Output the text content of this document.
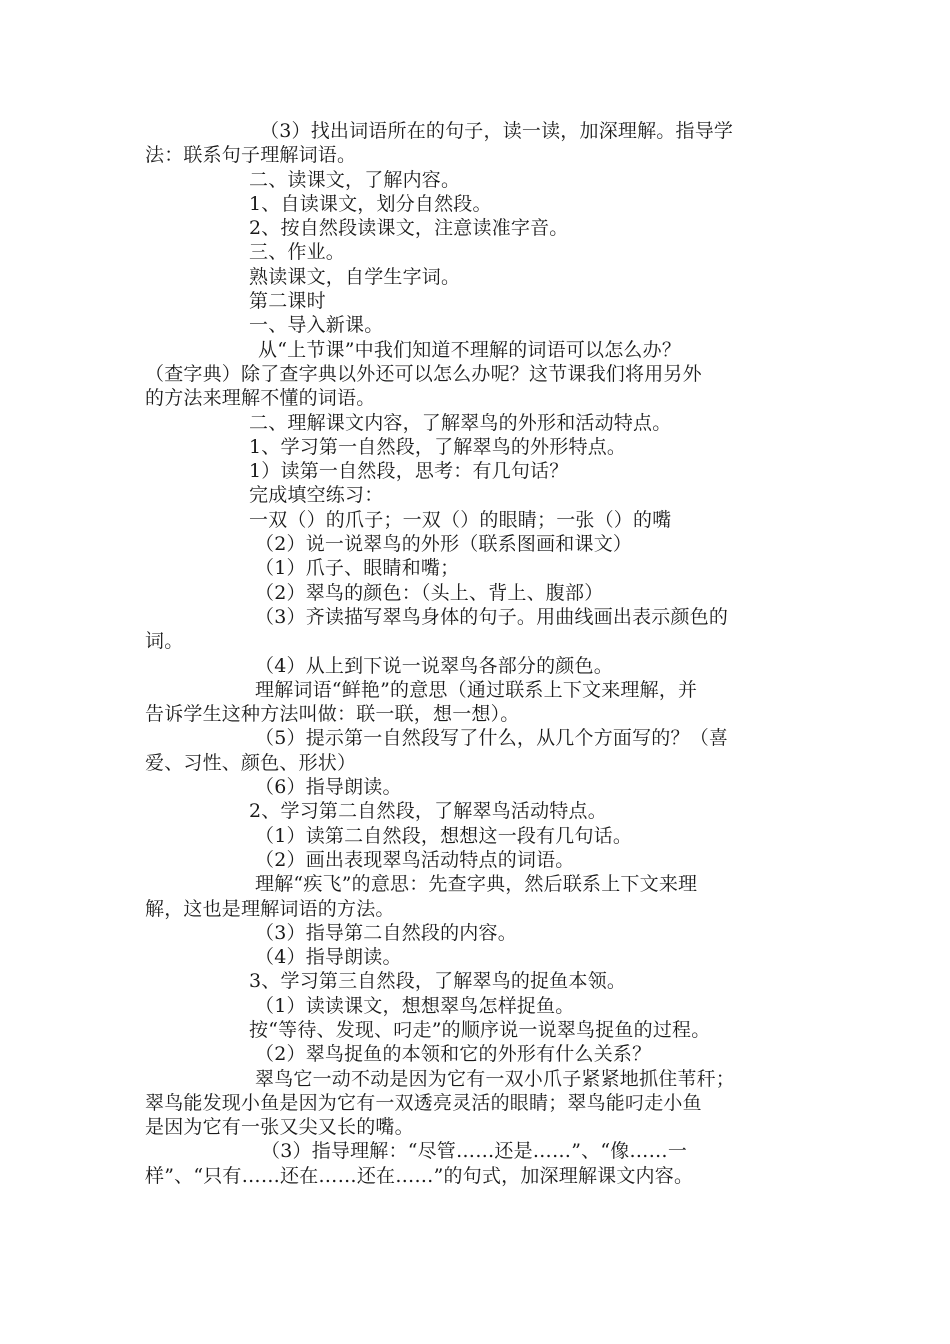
（3）找出词语所在的句子，读一读，加深理解。指导学
法：联系句子理解词语。
二、读课文，了解内容。
1、自读课文，划分自然段。
2、按自然段读课文，注意读准字音。
三、作业。
熟读课文，自学生字词。
第二课时
一、导入新课。
从“上节课”中我们知道不理解的词语可以怎么办？
（查字典）除了查字典以外还可以怎么办呢？这节课我们将用另外
的方法来理解不懂的词语。
二、理解课文内容，了解翠鸟的外形和活动特点。
1、学习第一自然段，了解翠鸟的外形特点。
1）读第一自然段，思考：有几句话？
完成填空练习：
一双（）的爪子；一双（）的眼睛；一张（）的嘴
（2）说一说翠鸟的外形（联系图画和课文）
（1）爪子、眼睛和嘴；
（2）翠鸟的颜色：（头上、背上、腹部）
（3）齐读描写翠鸟身体的句子。用曲线画出表示颜色的
词。
（4）从上到下说一说翠鸟各部分的颜色。
理解词语“鲜艳”的意思（通过联系上下文来理解，并
告诉学生这种方法叫做：联一联，想一想）。
（5）提示第一自然段写了什么，从几个方面写的？（喜
爱、习性、颜色、形状）
（6）指导朗读。
2、学习第二自然段，了解翠鸟活动特点。
（1）读第二自然段，想想这一段有几句话。
（2）画出表现翠鸟活动特点的词语。
理解“疾飞”的意思：先查字典，然后联系上下文来理
解，这也是理解词语的方法。
（3）指导第二自然段的内容。
（4）指导朗读。
3、学习第三自然段，了解翠鸟的捉鱼本领。
（1）读读课文，想想翠鸟怎样捉鱼。
按“等待、发现、叼走”的顺序说一说翠鸟捉鱼的过程。
（2）翠鸟捉鱼的本领和它的外形有什么关系？
翠鸟它一动不动是因为它有一双小爪子紧紧地抓住苇秆；
翠鸟能发现小鱼是因为它有一双透亮灵活的眼睛；翠鸟能叼走小鱼
是因为它有一张又尖又长的嘴。
（3）指导理解：“尽管……还是……”、“像……一
样”、“只有……还在……还在……”的句式，加深理解课文内容。
